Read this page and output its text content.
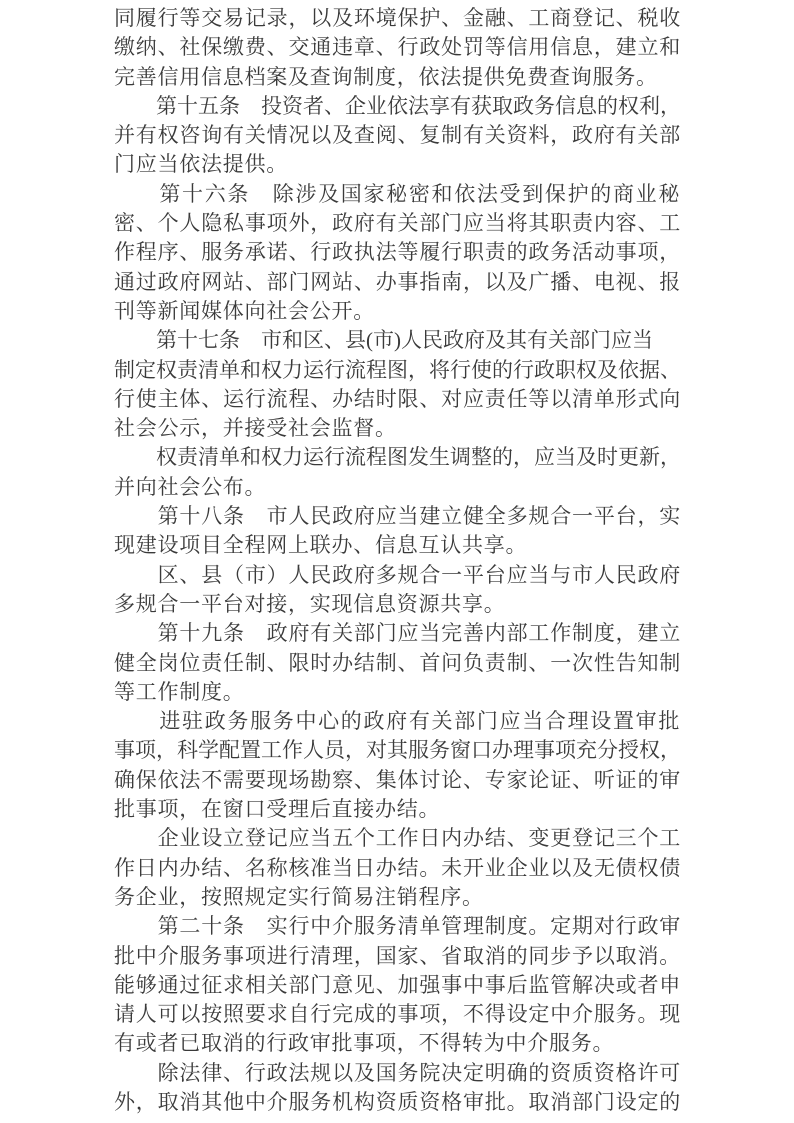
同履行等交易记录，以及环境保护、金融、工商登记、税收
缴纳、社保缴费、交通违章、行政处罚等信用信息，建立和
完善信用信息档案及查询制度，依法提供免费查询服务。
　　第十五条　投资者、企业依法享有获取政务信息的权利，
并有权咨询有关情况以及查阅、复制有关资料，政府有关部
门应当依法提供。
　　第十六条　除涉及国家秘密和依法受到保护的商业秘
密、个人隐私事项外，政府有关部门应当将其职责内容、工
作程序、服务承诺、行政执法等履行职责的政务活动事项，
通过政府网站、部门网站、办事指南，以及广播、电视、报
刊等新闻媒体向社会公开。
　　第十七条　市和区、县(市)人民政府及其有关部门应当
制定权责清单和权力运行流程图，将行使的行政职权及依据、
行使主体、运行流程、办结时限、对应责任等以清单形式向
社会公示，并接受社会监督。
　　权责清单和权力运行流程图发生调整的，应当及时更新，
并向社会公布。
　　第十八条　市人民政府应当建立健全多规合一平台，实
现建设项目全程网上联办、信息互认共享。
　　区、县（市）人民政府多规合一平台应当与市人民政府
多规合一平台对接，实现信息资源共享。
　　第十九条　政府有关部门应当完善内部工作制度，建立
健全岗位责任制、限时办结制、首问负责制、一次性告知制
等工作制度。
　　进驻政务服务中心的政府有关部门应当合理设置审批
事项，科学配置工作人员，对其服务窗口办理事项充分授权，
确保依法不需要现场勘察、集体讨论、专家论证、听证的审
批事项，在窗口受理后直接办结。
　　企业设立登记应当五个工作日内办结、变更登记三个工
作日内办结、名称核准当日办结。未开业企业以及无债权债
务企业，按照规定实行简易注销程序。
　　第二十条　实行中介服务清单管理制度。定期对行政审
批中介服务事项进行清理，国家、省取消的同步予以取消。
能够通过征求相关部门意见、加强事中事后监管解决或者申
请人可以按照要求自行完成的事项，不得设定中介服务。现
有或者已取消的行政审批事项，不得转为中介服务。
　　除法律、行政法规以及国务院决定明确的资质资格许可
外，取消其他中介服务机构资质资格审批。取消部门设定的
